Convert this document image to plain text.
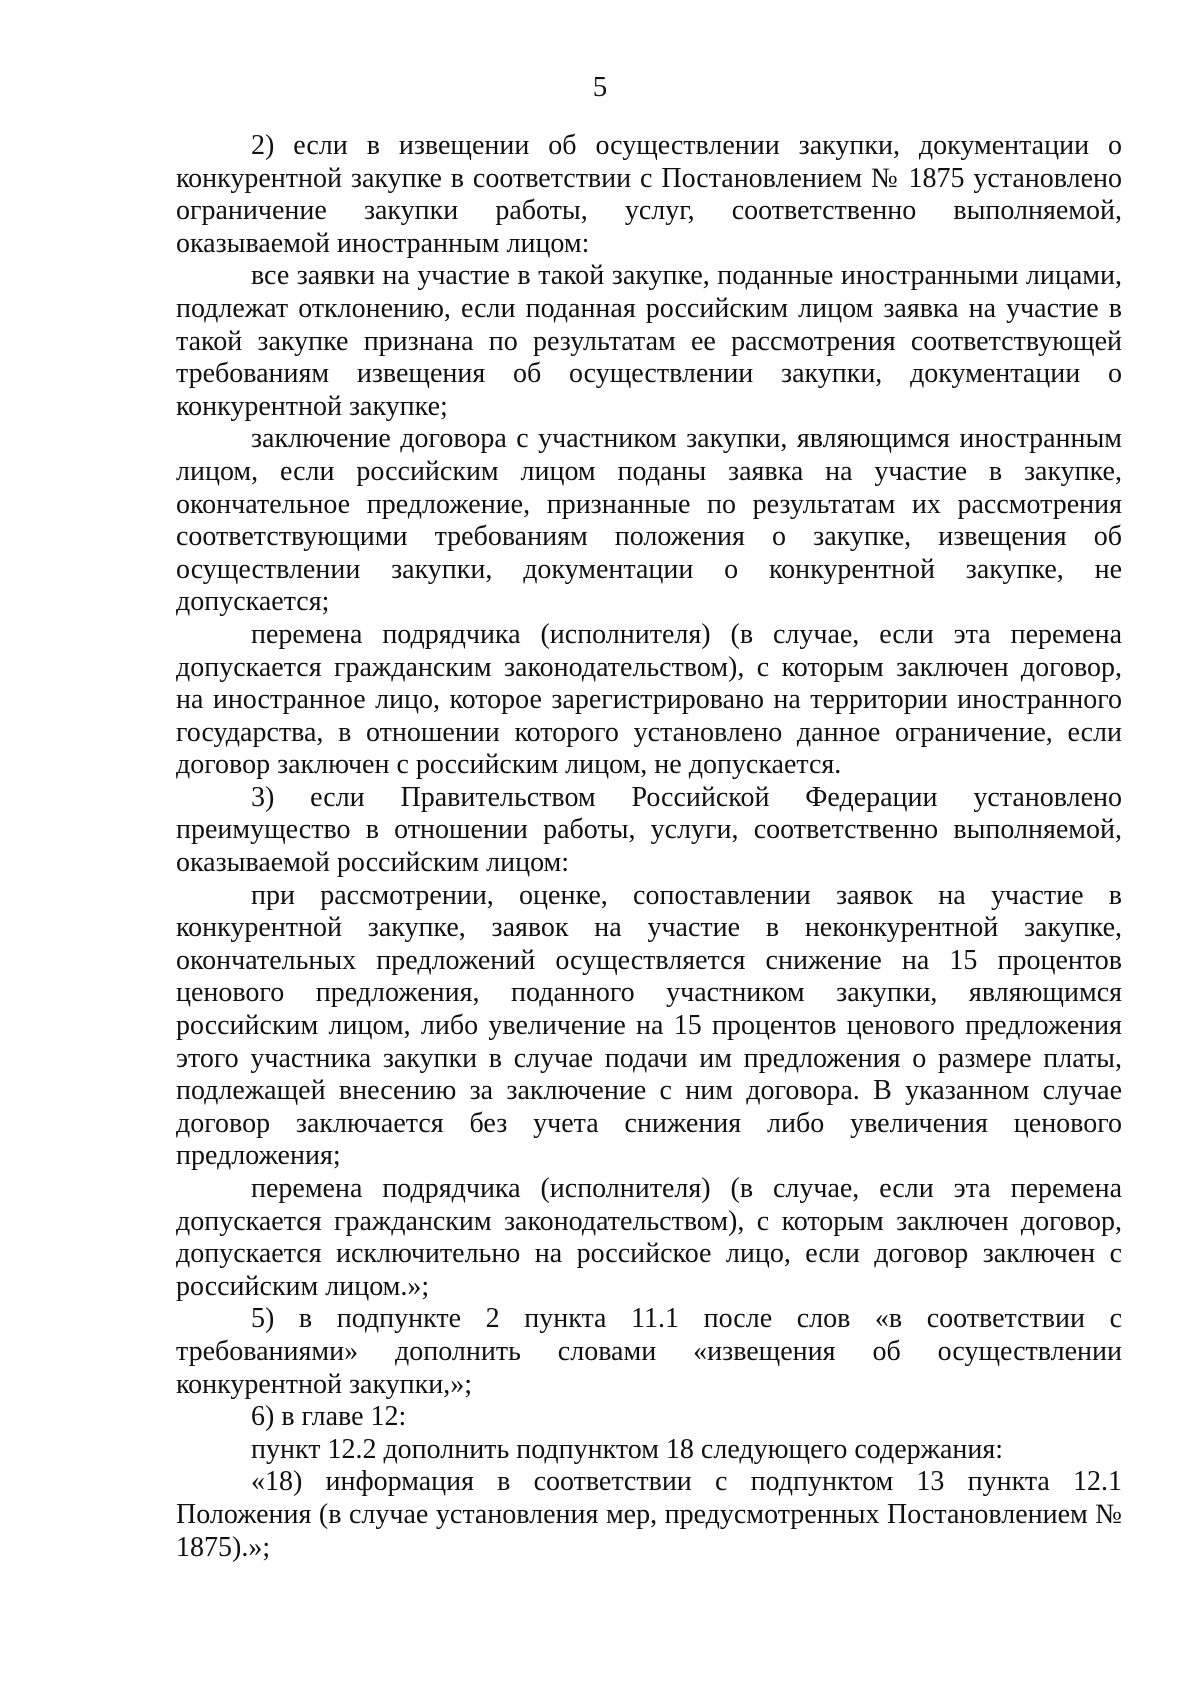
5

2) если в извещении об осуществлении закупки, документации о конкурентной закупке в соответствии с Постановлением № 1875 установлено ограничение закупки работы, услуг, соответственно выполняемой, оказываемой иностранным лицом:

все заявки на участие в такой закупке, поданные иностранными лицами, подлежат отклонению, если поданная российским лицом заявка на участие в такой закупке признана по результатам ее рассмотрения соответствующей требованиям извещения об осуществлении закупки, документации о конкурентной закупке;

заключение договора с участником закупки, являющимся иностранным лицом, если российским лицом поданы заявка на участие в закупке, окончательное предложение, признанные по результатам их рассмотрения соответствующими требованиям положения о закупке, извещения об осуществлении закупки, документации о конкурентной закупке, не допускается;

перемена подрядчика (исполнителя) (в случае, если эта перемена допускается гражданским законодательством), с которым заключен договор, на иностранное лицо, которое зарегистрировано на территории иностранного государства, в отношении которого установлено данное ограничение, если договор заключен с российским лицом, не допускается.

3) если Правительством Российской Федерации установлено преимущество в отношении работы, услуги, соответственно выполняемой, оказываемой российским лицом:

при рассмотрении, оценке, сопоставлении заявок на участие в конкурентной закупке, заявок на участие в неконкурентной закупке, окончательных предложений осуществляется снижение на 15 процентов ценового предложения, поданного участником закупки, являющимся российским лицом, либо увеличение на 15 процентов ценового предложения этого участника закупки в случае подачи им предложения о размере платы, подлежащей внесению за заключение с ним договора. В указанном случае договор заключается без учета снижения либо увеличения ценового предложения;

перемена подрядчика (исполнителя) (в случае, если эта перемена допускается гражданским законодательством), с которым заключен договор, допускается исключительно на российское лицо, если договор заключен с российским лицом.»;

5) в подпункте 2 пункта 11.1 после слов «в соответствии с требованиями» дополнить словами «извещения об осуществлении конкурентной закупки,»;

6) в главе 12:

пункт 12.2 дополнить подпунктом 18 следующего содержания:

«18) информация в соответствии с подпунктом 13 пункта 12.1 Положения (в случае установления мер, предусмотренных Постановлением № 1875).»;
